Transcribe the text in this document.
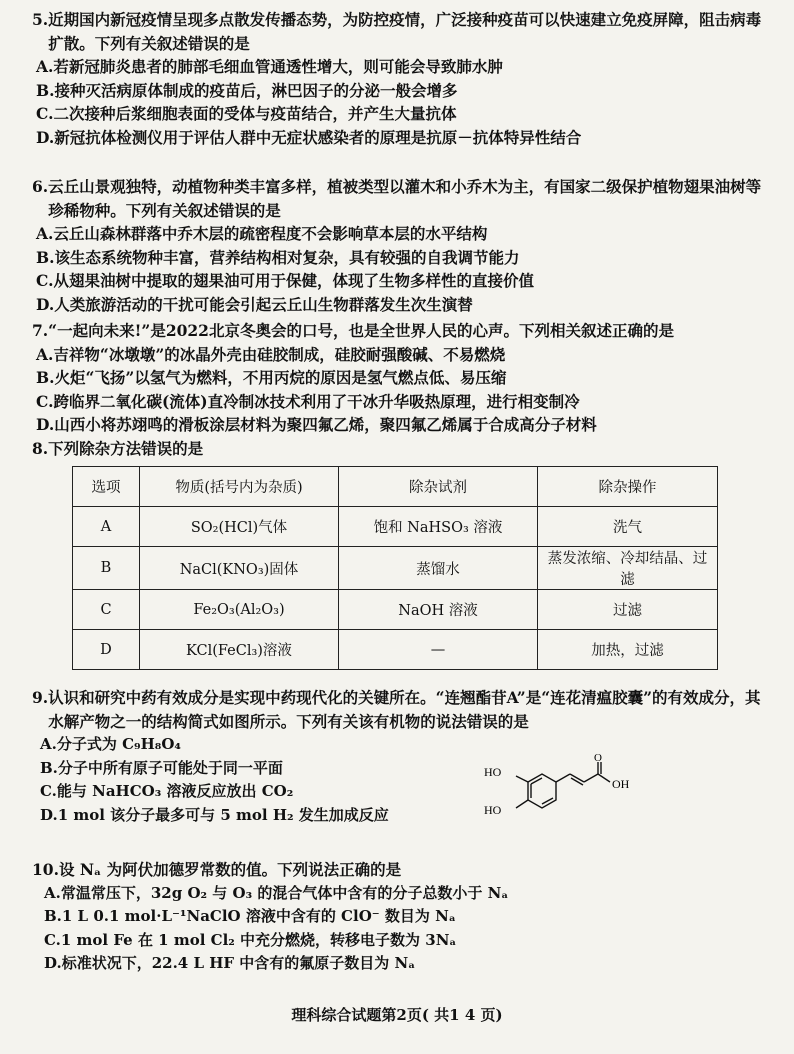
5.近期国内新冠疫情呈现多点散发传播态势，为防控疫情，广泛接种疫苗可以快速建立免疫屏障，阻击病毒扩散。下列有关叙述错误的是
A.若新冠肺炎患者的肺部毛细血管通透性增大，则可能会导致肺水肿
B.接种灭活病原体制成的疫苗后，淋巴因子的分泌一般会增多
C.二次接种后浆细胞表面的受体与疫苗结合，并产生大量抗体
D.新冠抗体检测仪用于评估人群中无症状感染者的原理是抗原－抗体特异性结合
6.云丘山景观独特，动植物种类丰富多样，植被类型以灌木和小乔木为主，有国家二级保护植物翅果油树等珍稀物种。下列有关叙述错误的是
A.云丘山森林群落中乔木层的疏密程度不会影响草本层的水平结构
B.该生态系统物种丰富，营养结构相对复杂，具有较强的自我调节能力
C.从翅果油树中提取的翅果油可用于保健，体现了生物多样性的直接价值
D.人类旅游活动的干扰可能会引起云丘山生物群落发生次生演替
7.“一起向未来!”是2022北京冬奥会的口号，也是全世界人民的心声。下列相关叙述正确的是
A.吉祥物“冰墩墩”的冰晶外壳由硅胶制成，硅胶耐强酸碱、不易燃烧
B.火炬“飞扬”以氢气为燃料，不用丙烷的原因是氢气燃点低、易压缩
C.跨临界二氧化碳(流体)直冷制冰技术利用了干冰升华吸热原理，进行相变制冷
D.山西小将苏翊鸣的滑板涂层材料为聚四氟乙烯，聚四氟乙烯属于合成高分子材料
8.下列除杂方法错误的是
选项	物质(括号内为杂质)	除杂试剂	除杂操作
A	SO₂(HCl)气体	饱和 NaHSO₃ 溶液	洗气
B	NaCl(KNO₃)固体	蒸馏水	蒸发浓缩、冷却结晶、过滤
C	Fe₂O₃(Al₂O₃)	NaOH 溶液	过滤
D	KCl(FeCl₃)溶液	—	加热，过滤
9.认识和研究中药有效成分是实现中药现代化的关键所在。“连翘酯苷A”是“连花清瘟胶囊”的有效成分，其水解产物之一的结构简式如图所示。下列有关该有机物的说法错误的是
A.分子式为 C₉H₈O₄
B.分子中所有原子可能处于同一平面
C.能与 NaHCO₃ 溶液反应放出 CO₂
D.1 mol 该分子最多可与 5 mol H₂ 发生加成反应
HO
HO
OH
O
10.设 Nₐ 为阿伏加德罗常数的值。下列说法正确的是
A.常温常压下，32g O₂ 与 O₃ 的混合气体中含有的分子总数小于 Nₐ
B.1 L 0.1 mol·L⁻¹NaClO 溶液中含有的 ClO⁻ 数目为 Nₐ
C.1 mol Fe 在 1 mol Cl₂ 中充分燃烧，转移电子数为 3Nₐ
D.标准状况下，22.4 L HF 中含有的氟原子数目为 Nₐ
理科综合试题第2页( 共1 4 页)
